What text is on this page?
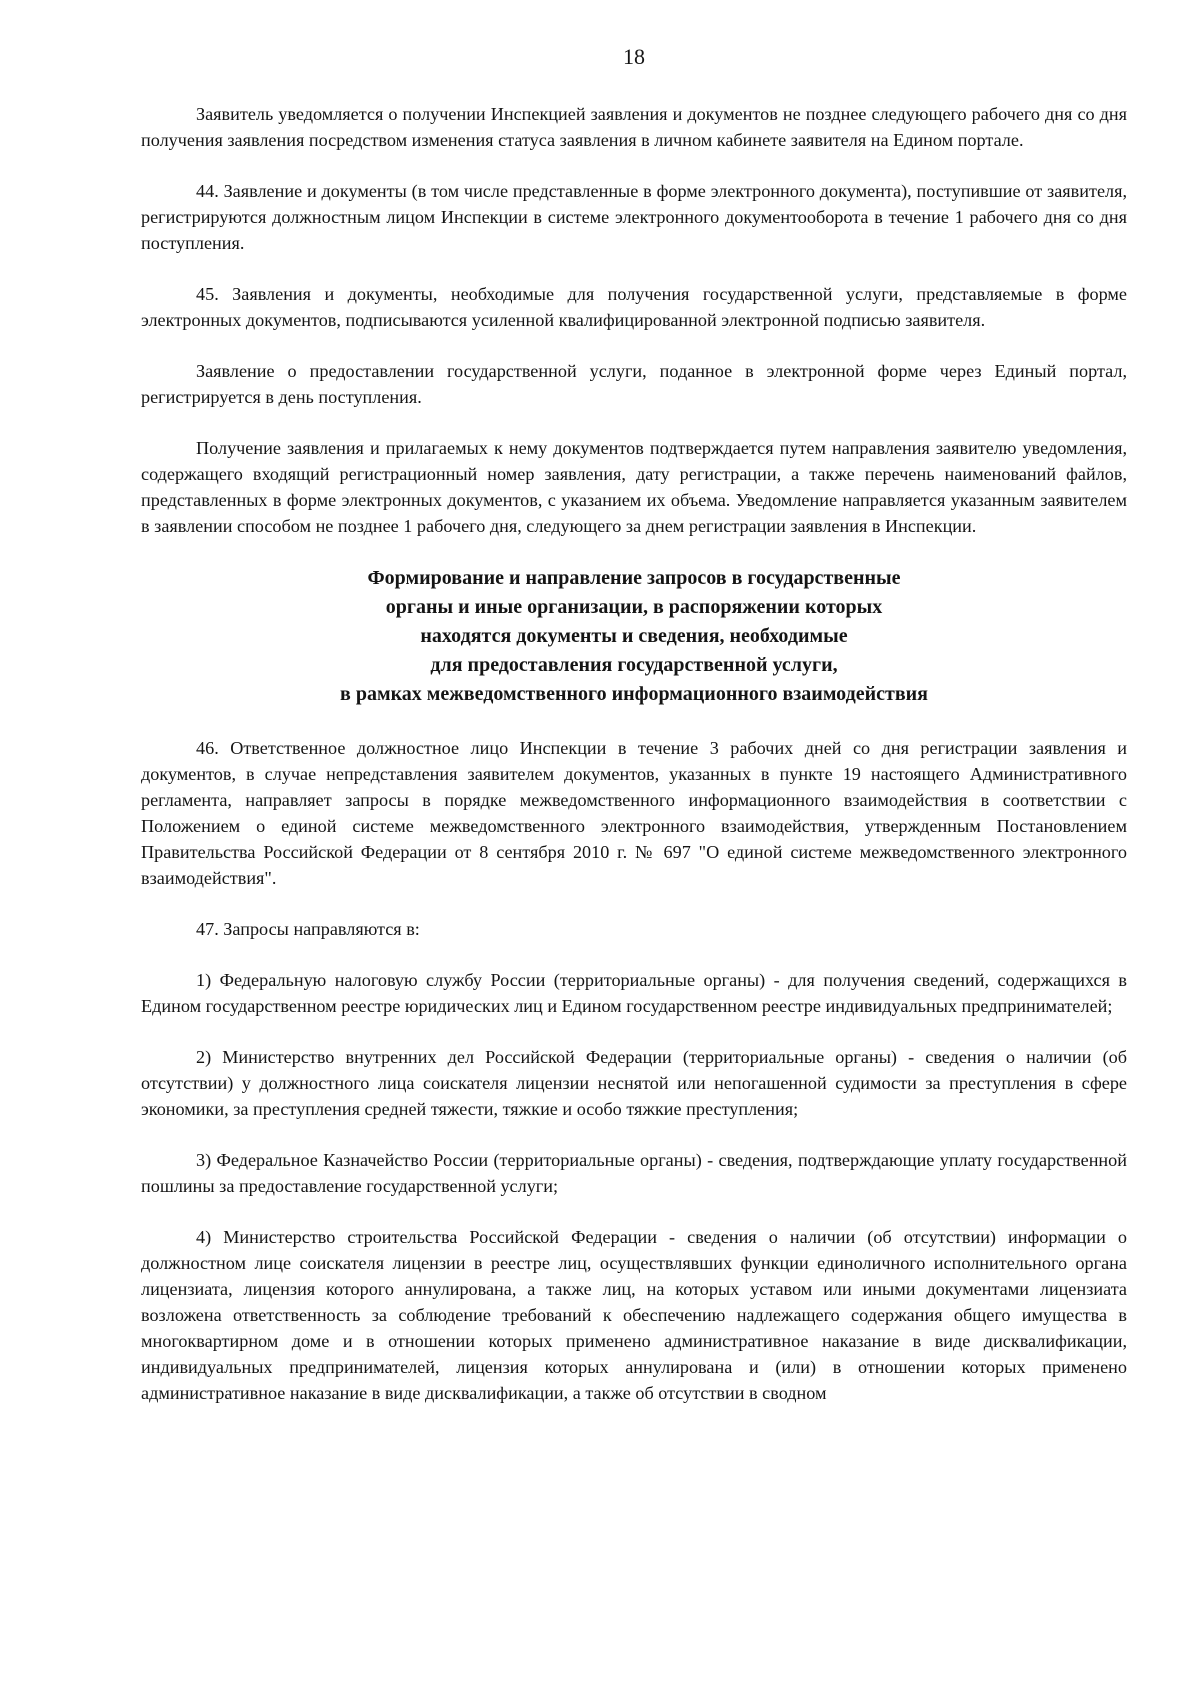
18

Заявитель уведомляется о получении Инспекцией заявления и документов не позднее следующего рабочего дня со дня получения заявления посредством изменения статуса заявления в личном кабинете заявителя на Едином портале.

44. Заявление и документы (в том числе представленные в форме электронного документа), поступившие от заявителя, регистрируются должностным лицом Инспекции в системе электронного документооборота в течение 1 рабочего дня со дня поступления.

45. Заявления и документы, необходимые для получения государственной услуги, представляемые в форме электронных документов, подписываются усиленной квалифицированной электронной подписью заявителя.

Заявление о предоставлении государственной услуги, поданное в электронной форме через Единый портал, регистрируется в день поступления.

Получение заявления и прилагаемых к нему документов подтверждается путем направления заявителю уведомления, содержащего входящий регистрационный номер заявления, дату регистрации, а также перечень наименований файлов, представленных в форме электронных документов, с указанием их объема. Уведомление направляется указанным заявителем в заявлении способом не позднее 1 рабочего дня, следующего за днем регистрации заявления в Инспекции.

Формирование и направление запросов в государственные
органы и иные организации, в распоряжении которых
находятся документы и сведения, необходимые
для предоставления государственной услуги,
в рамках межведомственного информационного взаимодействия

46. Ответственное должностное лицо Инспекции в течение 3 рабочих дней со дня регистрации заявления и документов, в случае непредставления заявителем документов, указанных в пункте 19 настоящего Административного регламента, направляет запросы в порядке межведомственного информационного взаимодействия в соответствии с Положением о единой системе межведомственного электронного взаимодействия, утвержденным Постановлением Правительства Российской Федерации от 8 сентября 2010 г. № 697 "О единой системе межведомственного электронного взаимодействия".

47. Запросы направляются в:

1) Федеральную налоговую службу России (территориальные органы) - для получения сведений, содержащихся в Едином государственном реестре юридических лиц и Едином государственном реестре индивидуальных предпринимателей;

2) Министерство внутренних дел Российской Федерации (территориальные органы) - сведения о наличии (об отсутствии) у должностного лица соискателя лицензии неснятой или непогашенной судимости за преступления в сфере экономики, за преступления средней тяжести, тяжкие и особо тяжкие преступления;

3) Федеральное Казначейство России (территориальные органы) - сведения, подтверждающие уплату государственной пошлины за предоставление государственной услуги;

4) Министерство строительства Российской Федерации - сведения о наличии (об отсутствии) информации о должностном лице соискателя лицензии в реестре лиц, осуществлявших функции единоличного исполнительного органа лицензиата, лицензия которого аннулирована, а также лиц, на которых уставом или иными документами лицензиата возложена ответственность за соблюдение требований к обеспечению надлежащего содержания общего имущества в многоквартирном доме и в отношении которых применено административное наказание в виде дисквалификации, индивидуальных предпринимателей, лицензия которых аннулирована и (или) в отношении которых применено административное наказание в виде дисквалификации, а также об отсутствии в сводном
